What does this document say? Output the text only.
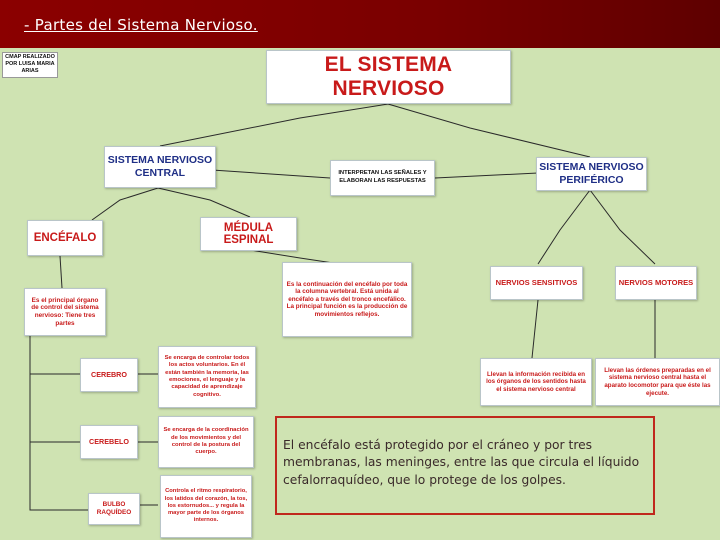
- Partes del Sistema Nervioso.
CMAP REALIZADO POR LUISA MARIA ARIAS	EL SISTEMA NERVIOSO
SISTEMA NERVIOSO CENTRAL	INTERPRETAN LAS SEÑALES Y ELABORAN LAS RESPUESTAS
SISTEMA NERVIOSO PERIFÉRICO
ENCÉFALO
MÉDULA ESPINAL
Es el principal órgano de control del sistema nervioso: Tiene tres partes
Es la continuación del encéfalo por toda la columna vertebral. Está unida al encéfalo a través del tronco encefálico. La principal función es la producción de movimientos reflejos.
NERVIOS SENSITIVOS	NERVIOS MOTORES
Llevan la información recibida en los órganos de los sentidos hasta el sistema nervioso central
Llevan las órdenes preparadas en el sistema nervioso central hasta el aparato locomotor para que éste las ejecute.
CEREBRO
Se encarga de controlar todos los actos voluntarios. En él están también la memoria, las emociones, el lenguaje y la capacidad de aprendizaje cognitivo.
CEREBELO
Se encarga de la coordinación de los movimientos y del control de la postura del cuerpo.
BULBO RAQUÍDEO
Controla el ritmo respiratorio, los latidos del corazón, la tos, los estornudos... y regula la mayor parte de los órganos internos.
El encéfalo está protegido por el cráneo y por tres membranas, las meninges, entre las que circula el líquido cefalorraquídeo, que lo protege de los golpes.
